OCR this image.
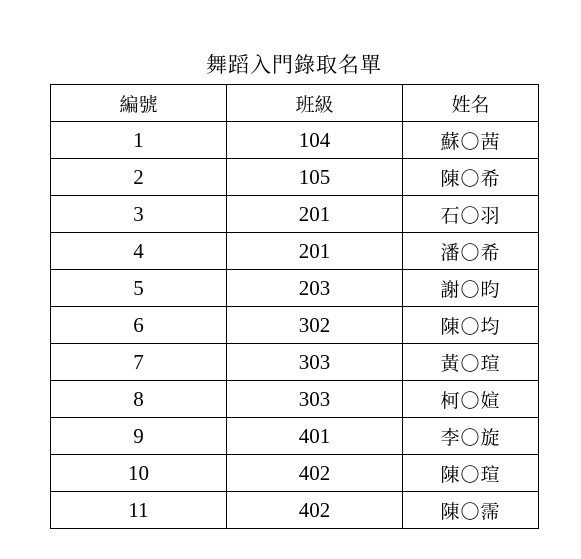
舞蹈入門錄取名單
編號	班級	姓名
1	104	蘇〇茜
2	105	陳〇希
3	201	石〇羽
4	201	潘〇希
5	203	謝〇昀
6	302	陳〇均
7	303	黃〇瑄
8	303	柯〇媗
9	401	李〇旋
10	402	陳〇瑄
11	402	陳〇霈
